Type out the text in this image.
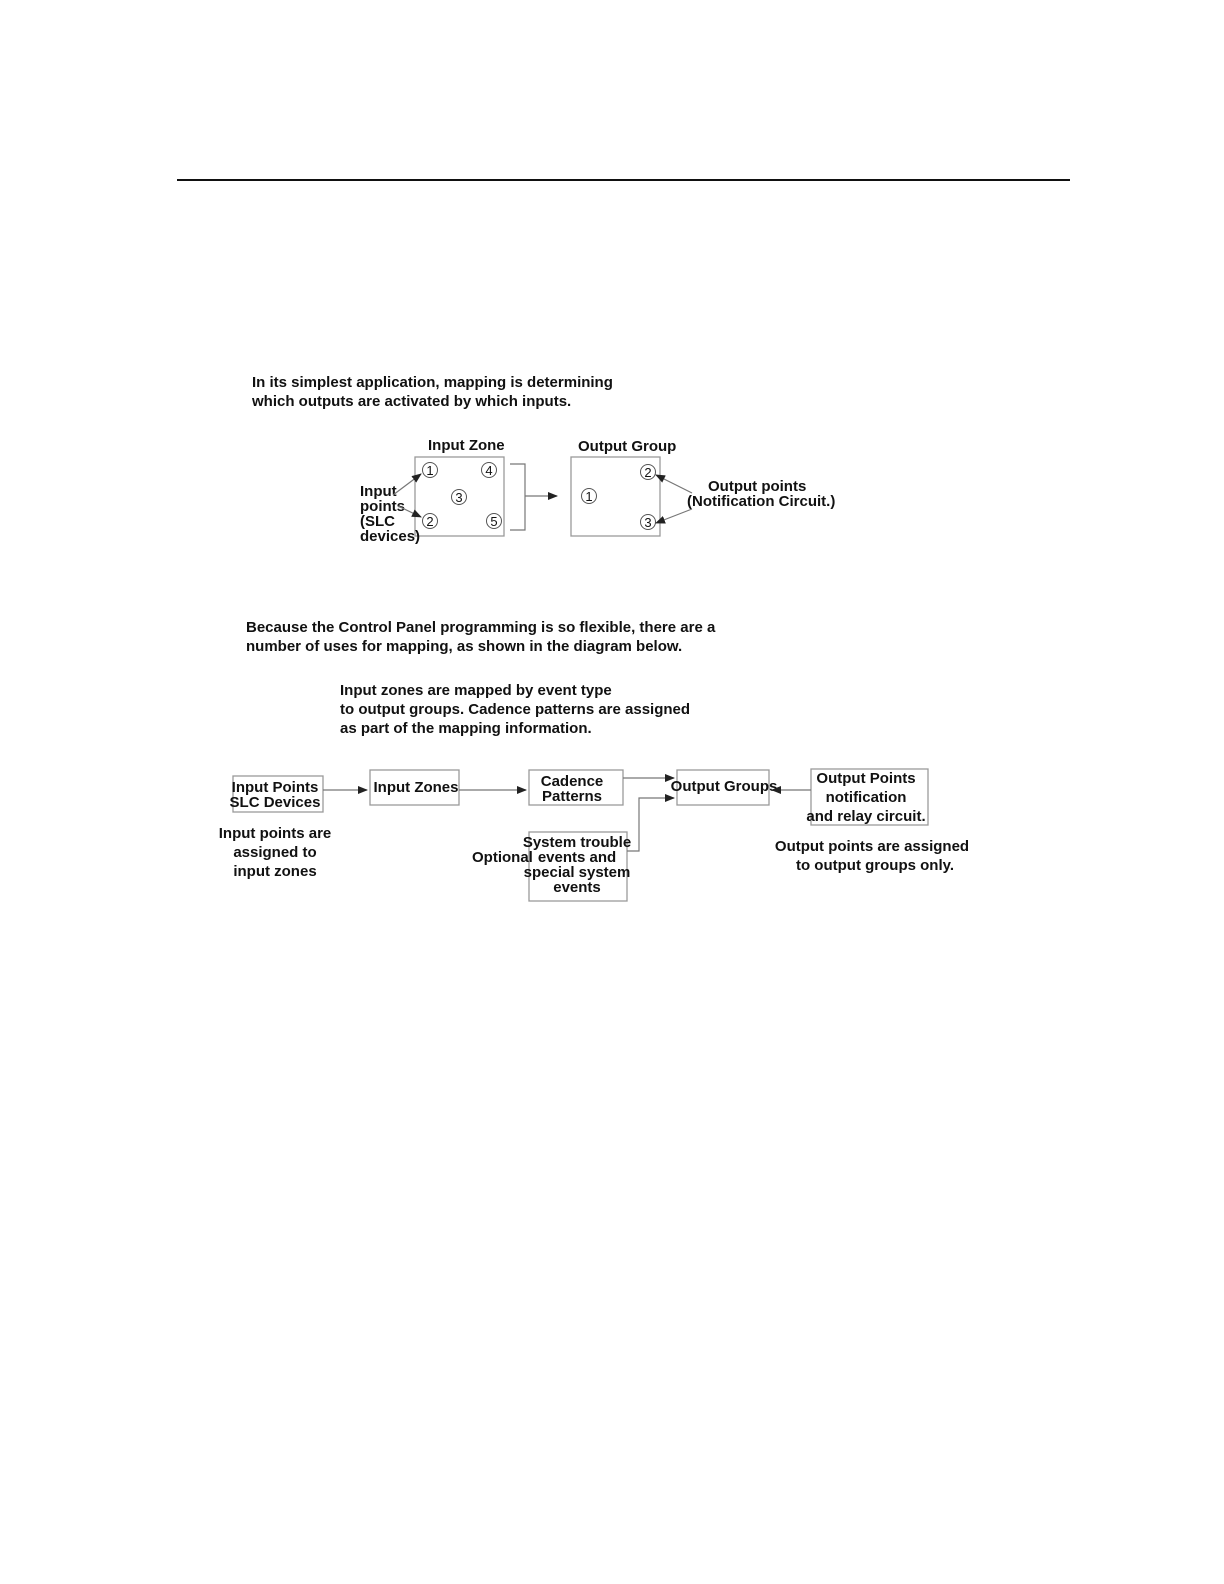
In its simplest application, mapping is determining
which outputs are activated by which inputs.
Input Zone	Output Group
1	4
3
2	5
2
1
3
Input
points
(SLC
devices)
Output points
(Notification Circuit.)
Because the Control Panel programming is so flexible, there are a
number of uses for mapping, as shown in the diagram below.
Input zones are mapped by event type
to output groups. Cadence patterns are assigned
as part of the mapping information.
Input Points
SLC Devices
Input Zones	Cadence
Patterns
Output Groups	Output Points
notification
and relay circuit.
System trouble
events and
special system
events
Optional
Input points are
assigned to
input zones
Output points are assigned
to output groups only.
